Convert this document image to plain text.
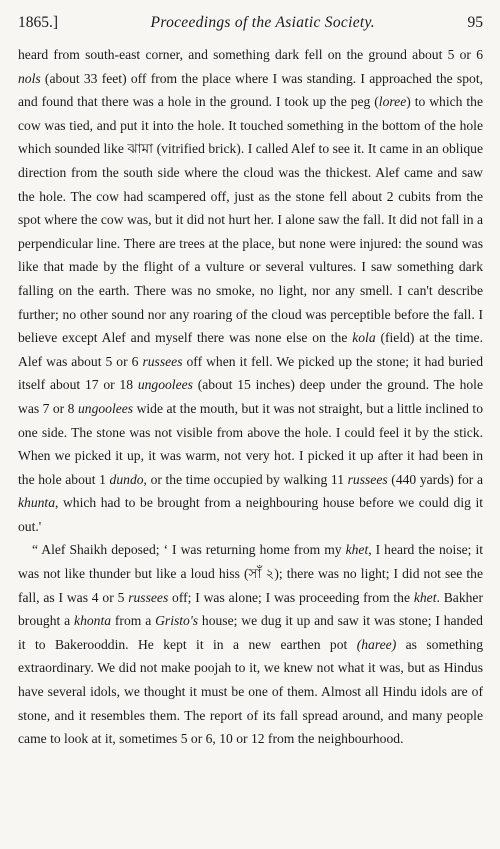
1865.]	Proceedings of the Asiatic Society.	95

heard from south-east corner, and something dark fell on the ground about 5 or 6 nols (about 33 feet) off from the place where I was standing. I approached the spot, and found that there was a hole in the ground. I took up the peg (loree) to which the cow was tied, and put it into the hole. It touched something in the bottom of the hole which sounded like ঝামা (vitrified brick). I called Alef to see it. It came in an oblique direction from the south side where the cloud was the thickest. Alef came and saw the hole. The cow had scampered off, just as the stone fell about 2 cubits from the spot where the cow was, but it did not hurt her. I alone saw the fall. It did not fall in a perpendicular line. There are trees at the place, but none were injured: the sound was like that made by the flight of a vulture or several vultures. I saw something dark falling on the earth. There was no smoke, no light, nor any smell. I can't describe further; no other sound nor any roaring of the cloud was perceptible before the fall. I believe except Alef and myself there was none else on the kola (field) at the time. Alef was about 5 or 6 russees off when it fell. We picked up the stone; it had buried itself about 17 or 18 ungoolees (about 15 inches) deep under the ground. The hole was 7 or 8 ungoolees wide at the mouth, but it was not straight, but a little inclined to one side. The stone was not visible from above the hole. I could feel it by the stick. When we picked it up, it was warm, not very hot. I picked it up after it had been in the hole about 1 dundo, or the time occupied by walking 11 russees (440 yards) for a khunta, which had to be brought from a neighbouring house before we could dig it out.'

“ Alef Shaikh deposed; ‘ I was returning home from my khet, I heard the noise; it was not like thunder but like a loud hiss (সাঁ ২); there was no light; I did not see the fall, as I was 4 or 5 russees off; I was alone; I was proceeding from the khet. Bakher brought a khonta from a Gristo's house; we dug it up and saw it was stone; I handed it to Bakerooddin. He kept it in a new earthen pot (haree) as something extraordinary. We did not make poojah to it, we knew not what it was, but as Hindus have several idols, we thought it must be one of them. Almost all Hindu idols are of stone, and it resembles them. The report of its fall spread around, and many people came to look at it, sometimes 5 or 6, 10 or 12 from the neighbourhood.
